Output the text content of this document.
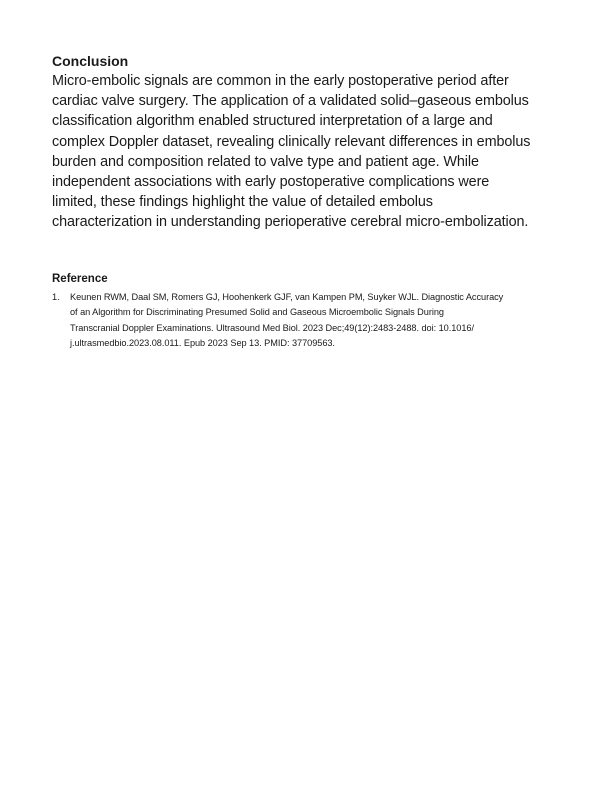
Conclusion
Micro-embolic signals are common in the early postoperative period after
cardiac valve surgery. The application of a validated solid–gaseous embolus
classification algorithm enabled structured interpretation of a large and
complex Doppler dataset, revealing clinically relevant differences in embolus
burden and composition related to valve type and patient age. While
independent associations with early postoperative complications were
limited, these findings highlight the value of detailed embolus
characterization in understanding perioperative cerebral micro-embolization.
Reference
1.	Keunen RWM, Daal SM, Romers GJ, Hoohenkerk GJF, van Kampen PM, Suyker WJL. Diagnostic Accuracy
of an Algorithm for Discriminating Presumed Solid and Gaseous Microembolic Signals During
Transcranial Doppler Examinations. Ultrasound Med Biol. 2023 Dec;49(12):2483-2488. doi: 10.1016/
j.ultrasmedbio.2023.08.011. Epub 2023 Sep 13. PMID: 37709563.
